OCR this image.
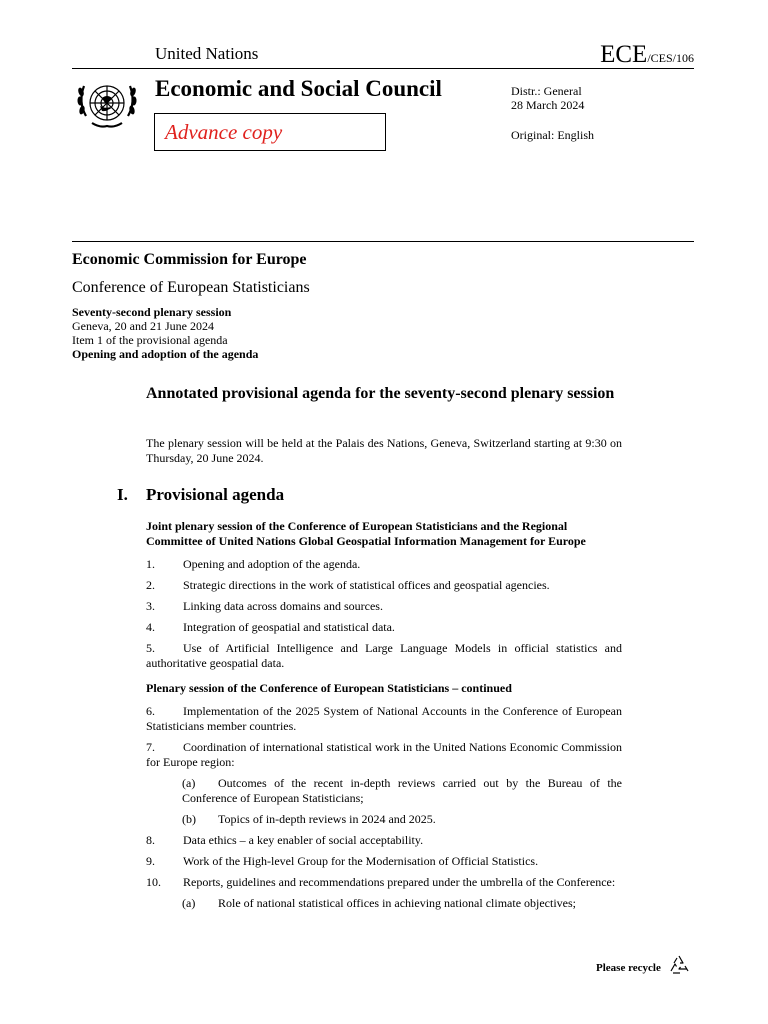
United Nations	ECE/CES/106
Economic and Social Council
Advance copy
Distr.: General
28 March 2024
Original: English
Economic Commission for Europe
Conference of European Statisticians
Seventy-second plenary session
Geneva, 20 and 21 June 2024
Item 1 of the provisional agenda
Opening and adoption of the agenda
Annotated provisional agenda for the seventy-second plenary session
The plenary session will be held at the Palais des Nations, Geneva, Switzerland starting at 9:30 on Thursday, 20 June 2024.
I. Provisional agenda
Joint plenary session of the Conference of European Statisticians and the Regional Committee of United Nations Global Geospatial Information Management for Europe
1. Opening and adoption of the agenda.
2. Strategic directions in the work of statistical offices and geospatial agencies.
3. Linking data across domains and sources.
4. Integration of geospatial and statistical data.
5. Use of Artificial Intelligence and Large Language Models in official statistics and authoritative geospatial data.
Plenary session of the Conference of European Statisticians – continued
6. Implementation of the 2025 System of National Accounts in the Conference of European Statisticians member countries.
7. Coordination of international statistical work in the United Nations Economic Commission for Europe region:
(a) Outcomes of the recent in-depth reviews carried out by the Bureau of the Conference of European Statisticians;
(b) Topics of in-depth reviews in 2024 and 2025.
8. Data ethics – a key enabler of social acceptability.
9. Work of the High-level Group for the Modernisation of Official Statistics.
10. Reports, guidelines and recommendations prepared under the umbrella of the Conference:
(a) Role of national statistical offices in achieving national climate objectives;
Please recycle
